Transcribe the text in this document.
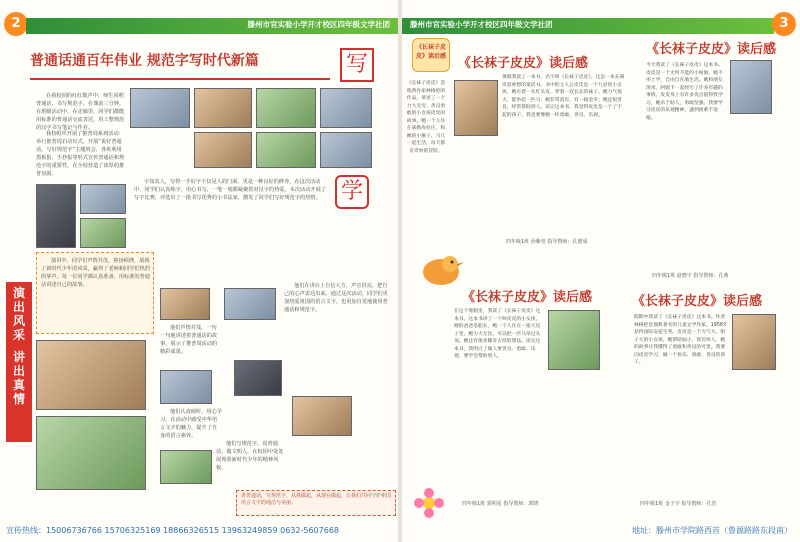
2	滕州市官实验小学开才校区四年级文学社团
普通话通百年伟业 规范字写时代新篇	写

在我校园的红红歌声中，师生同唱普通话，书写规范字。在课前三分钟，在班级活动中，在走廊里，同学们都能用标准的普通话交流表达，用工整规范的汉字书写笔记与作业。

我校组织开展了推普周系列活动：举行推普周启动仪式，开展“说好普通话，写好规范字”主题班会，各班利用黑板报、手抄报等形式宣传普通话和规范字的重要性，在全校营造了浓厚的推普氛围。

字如其人，写得一手好字不仅是人的门面，更是一种良好的修养。在这次活动中，同学们认真练字，用心书写，一笔一划都凝聚着对汉字的热爱。本次活动开展了写字比赛，评选出了一批书写优秀的小书法家，激发了同学们写好规范字的热情。 学

演讲中，同学们声情并茂、抑扬顿挫，展现了新时代少年的风采，赢得了老师和同学们热烈的掌声。每一位同学都认真准备，用标准的普通话讲述自己的故事。

演
出
风
采
讲
出
真
情

他们声情并茂，一句一句地讲述着普通话的故事，展示了推普周活动的精彩成果。

他们在讲台上自信大方，声音洪亮，把自己的心声表达出来。通过这次活动，同学们更加热爱祖国的语言文字，也更加自觉地使用普通话和规范字。

他们认真倾听，用心学习，在活动中感受中华语言文字的魅力，提升了自身的语言素养。

他们写规范字，说普通话，做文明人，在校园中处处展现着新时代少年的精神风貌。

讲普通话，写规范字，从我做起，从现在做起，让我们共同守护祖国语言文字的纯洁与美丽。
宣传热线：15006736766 15706325169 18866326515 13963249859 0632-5607668
滕州市官实验小学开才校区四年级文学社团	3
《长袜子皮皮》读后感
《长袜子皮皮》是瑞典作家林格伦的作品，讲述了一个力大无穷、善良勇敢的小女孩皮皮的故事。她一个人住在威勒库拉庄，和她的小猴子、马儿一起生活，每天都有奇妙的冒险。
《长袜子皮皮》读后感
暑假我读了一本书，名字叫《长袜子皮皮》。这是一本充满奇思妙想的童话书。书中的主人公皮皮是一个九岁的小女孩，她有着一头红头发，穿着一双长长的袜子。她力气很大，能举起一匹马；她非常富有，有一箱金币；她还很善良，经常帮助别人。读完这本书，我觉得皮皮是一个了不起的孩子，我也要像她一样勇敢、善良、乐观。
四年级1班 孙紫萱 指导教师：孔德成
《长袜子皮皮》读后感
今天我读了《长袜子皮皮》这本书。皮皮是一个无所不能的小姑娘，她不用上学，自由自在地生活。她和朋友汤米、阿妮卡一起经历了许多有趣的事情。皮皮身上有许多优点值得我学习，她乐于助人，勇敢坚强。我要学习皮皮的乐观精神，遇到困难不退缩。
四年级1班 赵晓宇 指导教师：孔燕
《长袜子皮皮》读后感
在这个暑假里，我读了《长袜子皮皮》这本书。这本书讲了一个叫皮皮的小女孩，她的爸爸是船长，她一个人住在一座大房子里。她力大无比，可以把一匹马举过头顶。她还有很多稀奇古怪的想法。读完这本书，我明白了做人要善良、勇敢、乐观，要学会帮助别人。
四年级1班 郭明星 指导教师：郭晓
《长袜子皮皮》读后感
假期中我读了《长袜子皮皮》这本书。作者林格伦是瑞典著名的儿童文学作家，1958年获得国际安徒生奖。皮皮是一个力气大、胆子大的小女孩，她帮助弱小，惩罚坏人。她的故事让我懂得了勇敢和善良的可贵。我要向皮皮学习，做一个快乐、勇敢、善良的孩子。
四年级1班 金子宇 指导教师：孔浩
地址：滕州市学院路西首（鲁源路路东段南）
